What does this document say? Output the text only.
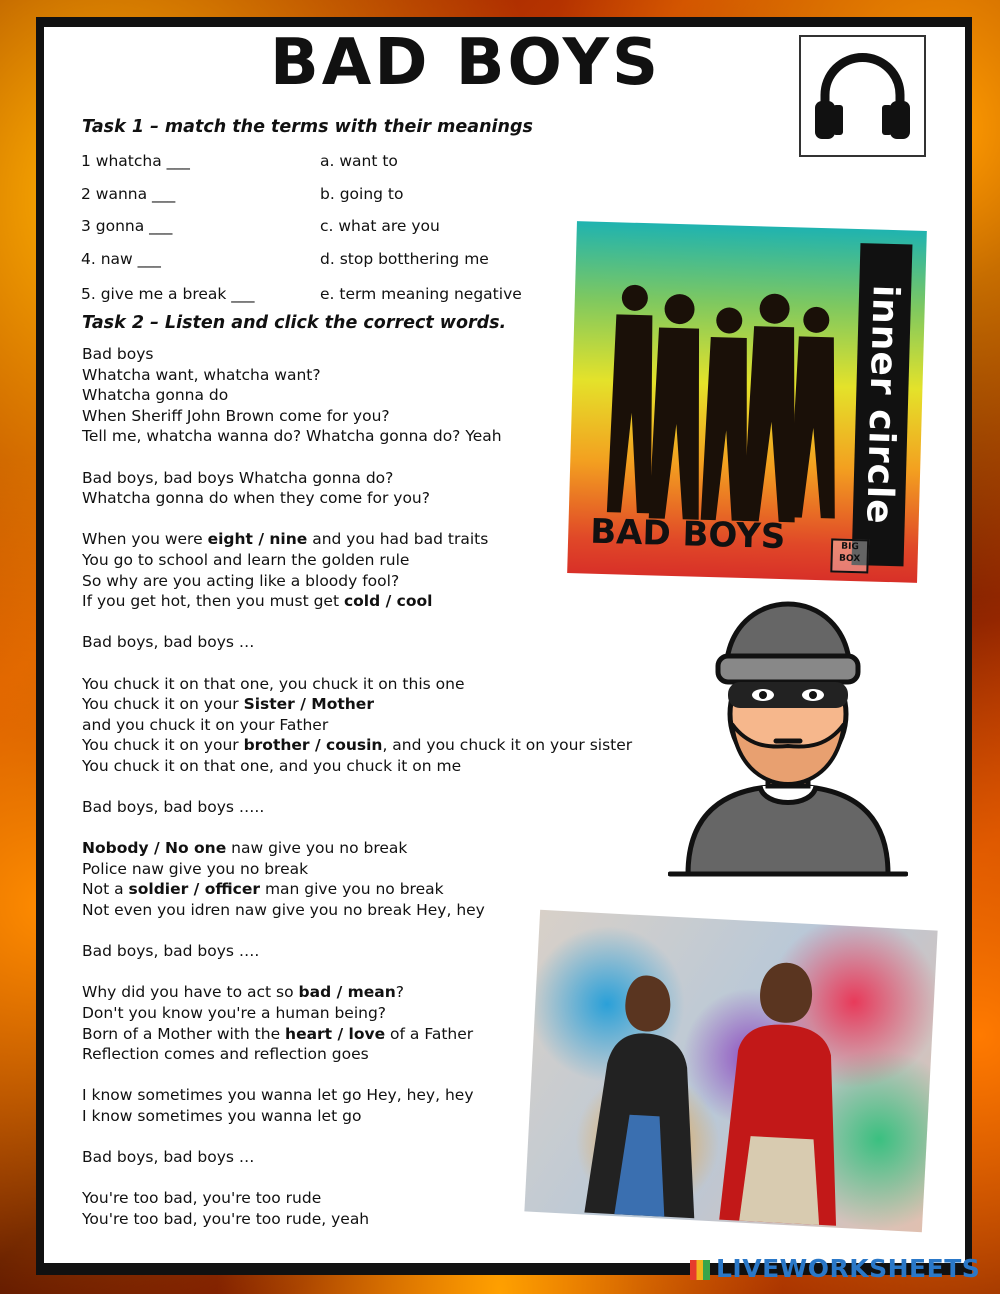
BAD BOYS
Task 1 – match the terms with their meanings
1 whatcha ___
2 wanna ___
3 gonna ___
4. naw ___
5. give me a break ___
a. want to
b. going to
c. what are you
d. stop botthering me
e. term meaning negative
Task 2 – Listen and click the correct words.
Bad boys
Whatcha want, whatcha want?
Whatcha gonna do
When Sheriff John Brown come for you?
Tell me, whatcha wanna do? Whatcha gonna do? Yeah
Bad boys, bad boys Whatcha gonna do?
Whatcha gonna do when they come for you?
When you were eight / nine and you had bad traits
You go to school and learn the golden rule
So why are you acting like a bloody fool?
If you get hot, then you must get cold / cool
Bad boys, bad boys …
You chuck it on that one, you chuck it on this one
You chuck it on your Sister / Mother
and you chuck it on your Father
You chuck it on your brother / cousin, and you chuck it on your sister
You chuck it on that one, and you chuck it on me
Bad boys, bad boys …..
Nobody / No one naw give you no break
Police naw give you no break
Not a soldier / officer man give you no break
Not even you idren naw give you no break Hey, hey
Bad boys, bad boys ….
Why did you have to act so bad / mean?
Don't you know you're a human being?
Born of a Mother with the heart / love of a Father
Reflection comes and reflection goes
I know sometimes you wanna let go Hey, hey, hey
I know sometimes you wanna let go
Bad boys, bad boys …
You're too bad, you're too rude
You're too bad, you're too rude, yeah
inner circle
BAD BOYS	BIG BOX
LIVEWORKSHEETS
